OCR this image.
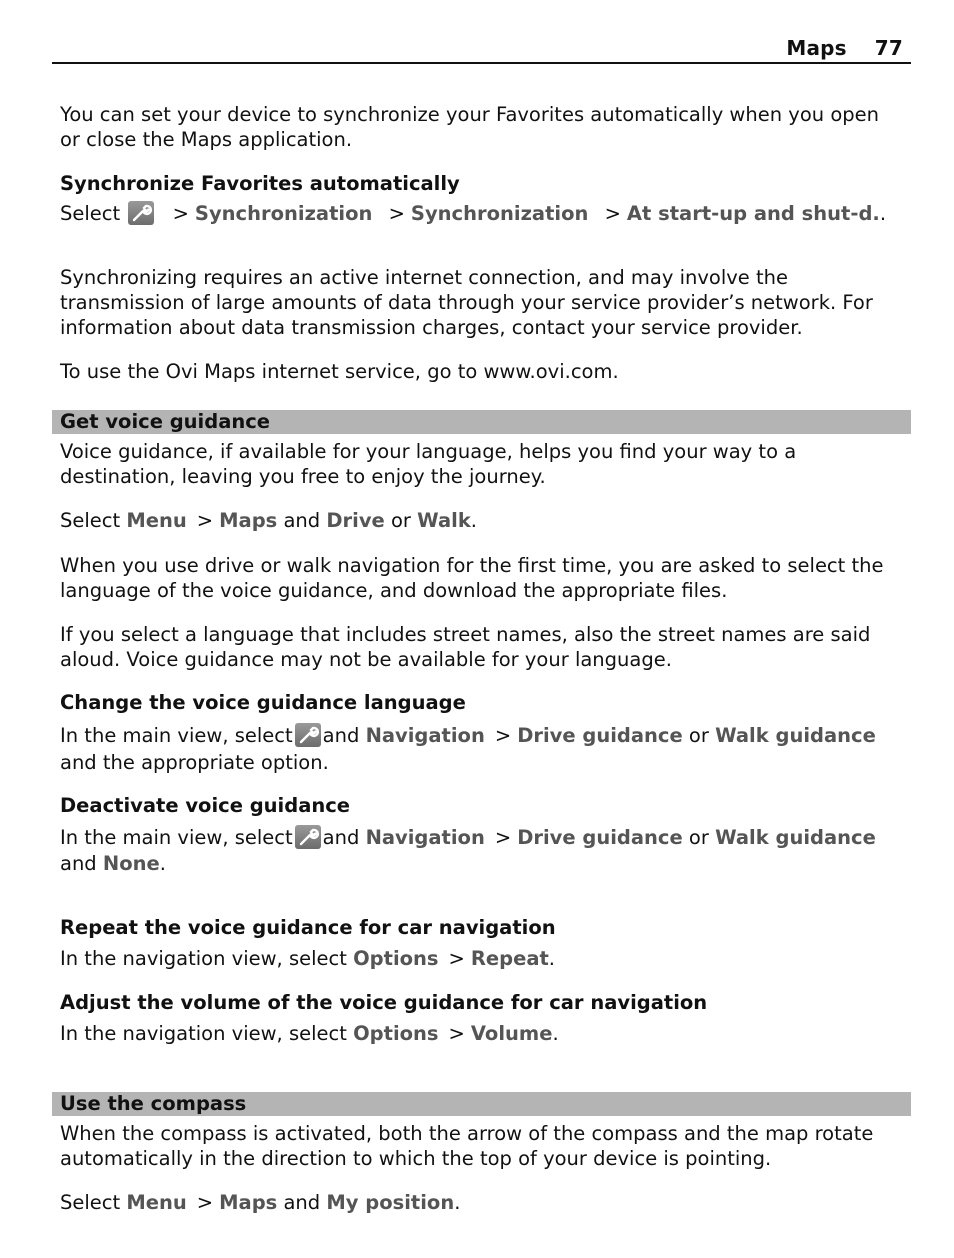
Maps 77
You can set your device to synchronize your Favorites automatically when you open or close the Maps application.
Synchronize Favorites automatically
Select	> Synchronization > Synchronization > At start-up and shut-d..
Synchronizing requires an active internet connection, and may involve the transmission of large amounts of data through your service provider’s network. For information about data transmission charges, contact your service provider.
To use the Ovi Maps internet service, go to www.ovi.com.
Get voice guidance
Voice guidance, if available for your language, helps you find your way to a destination, leaving you free to enjoy the journey.
Select Menu > Maps and Drive or Walk.
When you use drive or walk navigation for the first time, you are asked to select the language of the voice guidance, and download the appropriate files.
If you select a language that includes street names, also the street names are said aloud. Voice guidance may not be available for your language.
Change the voice guidance language
In the main view, select and Navigation > Drive guidance or Walk guidance and the appropriate option.
Deactivate voice guidance
In the main view, select and Navigation > Drive guidance or Walk guidance and None.
Repeat the voice guidance for car navigation
In the navigation view, select Options > Repeat.
Adjust the volume of the voice guidance for car navigation
In the navigation view, select Options > Volume.
Use the compass
When the compass is activated, both the arrow of the compass and the map rotate automatically in the direction to which the top of your device is pointing.
Select Menu > Maps and My position.
